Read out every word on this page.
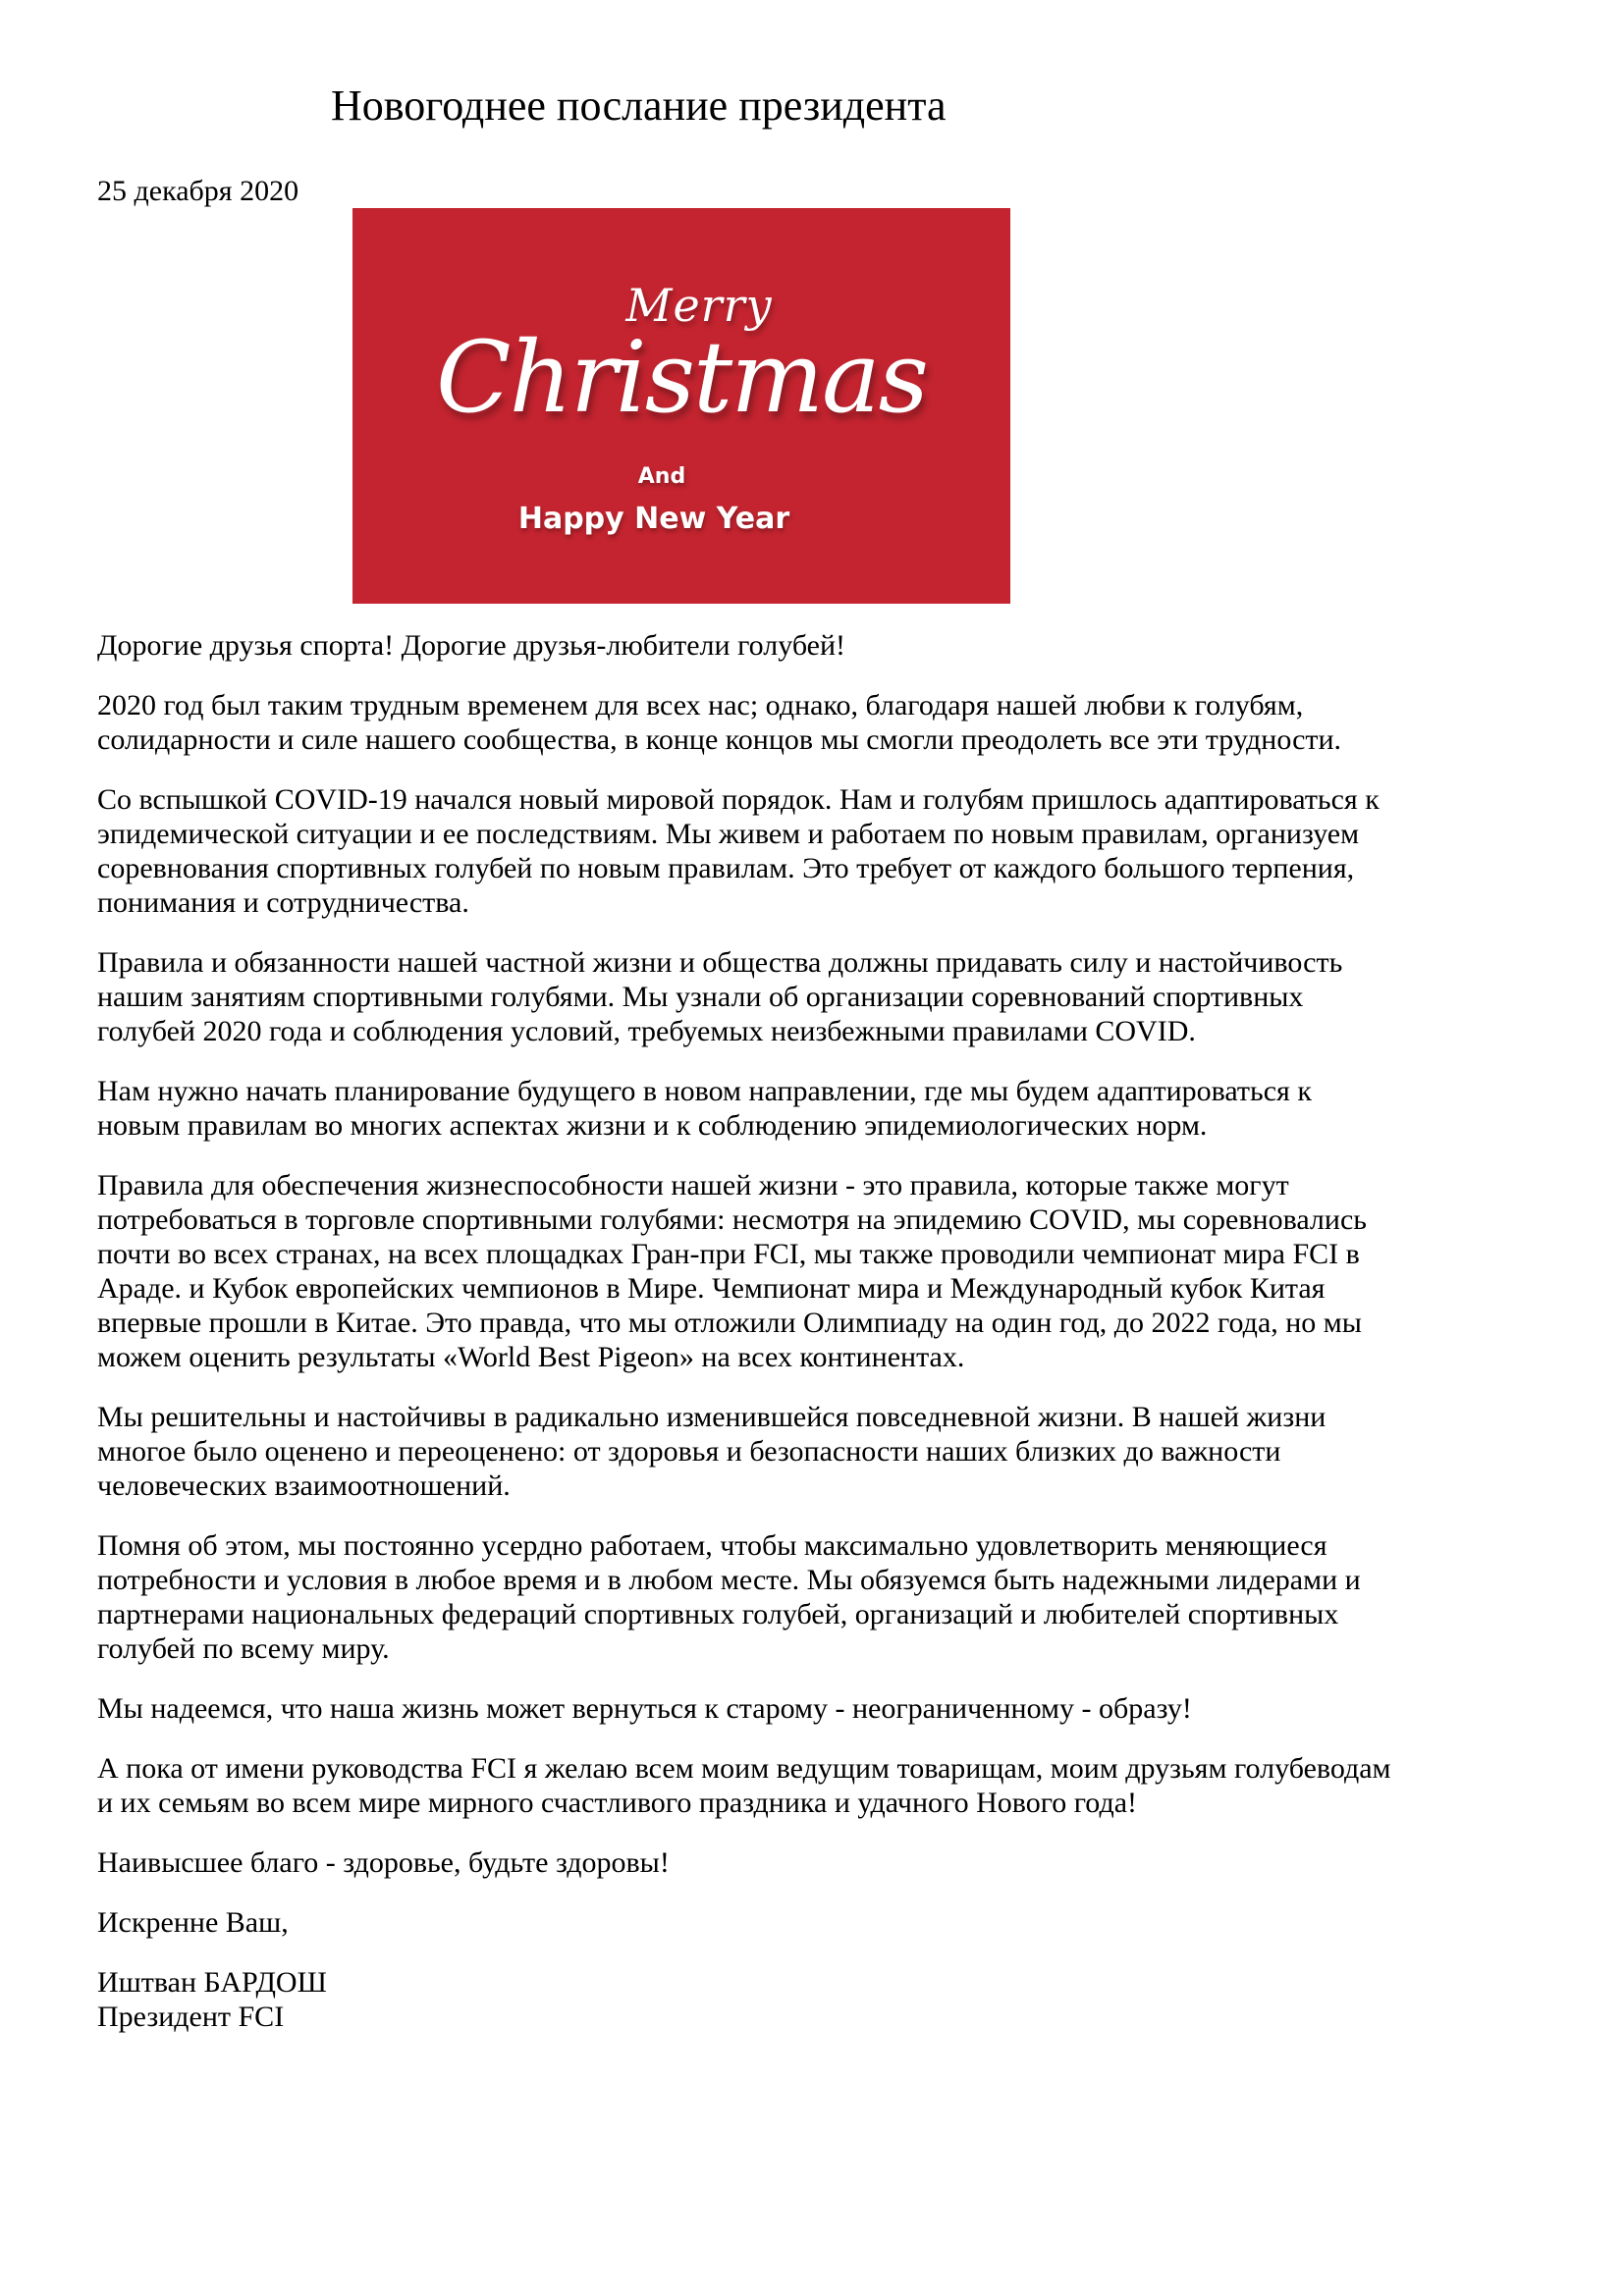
Новогоднее послание президента
25 декабря 2020
Merry
Christmas
And
Happy New Year

Дорогие друзья спорта! Дорогие друзья-любители голубей!

2020 год был таким трудным временем для всех нас; однако, благодаря нашей любви к голубям,
солидарности и силе нашего сообщества, в конце концов мы смогли преодолеть все эти трудности.

Со вспышкой COVID-19 начался новый мировой порядок. Нам и голубям пришлось адаптироваться к
эпидемической ситуации и ее последствиям. Мы живем и работаем по новым правилам, организуем
соревнования спортивных голубей по новым правилам. Это требует от каждого большого терпения,
понимания и сотрудничества.

Правила и обязанности нашей частной жизни и общества должны придавать силу и настойчивость
нашим занятиям спортивными голубями. Мы узнали об организации соревнований спортивных
голубей 2020 года и соблюдения условий, требуемых неизбежными правилами COVID.

Нам нужно начать планирование будущего в новом направлении, где мы будем адаптироваться к
новым правилам во многих аспектах жизни и к соблюдению эпидемиологических норм.

Правила для обеспечения жизнеспособности нашей жизни - это правила, которые также могут
потребоваться в торговле спортивными голубями: несмотря на эпидемию COVID, мы соревновались
почти во всех странах, на всех площадках Гран-при FCI, мы также проводили чемпионат мира FCI в
Араде. и Кубок европейских чемпионов в Мире. Чемпионат мира и Международный кубок Китая
впервые прошли в Китае. Это правда, что мы отложили Олимпиаду на один год, до 2022 года, но мы
можем оценить результаты «World Best Pigeon» на всех континентах.

Мы решительны и настойчивы в радикально изменившейся повседневной жизни. В нашей жизни
многое было оценено и переоценено: от здоровья и безопасности наших близких до важности
человеческих взаимоотношений.

Помня об этом, мы постоянно усердно работаем, чтобы максимально удовлетворить меняющиеся
потребности и условия в любое время и в любом месте. Мы обязуемся быть надежными лидерами и
партнерами национальных федераций спортивных голубей, организаций и любителей спортивных
голубей по всему миру.

Мы надеемся, что наша жизнь может вернуться к старому - неограниченному - образу!

А пока от имени руководства FCI я желаю всем моим ведущим товарищам, моим друзьям голубеводам
и их семьям во всем мире мирного счастливого праздника и удачного Нового года!

Наивысшее благо - здоровье, будьте здоровы!

Искренне Ваш,

Иштван БАРДОШ
Президент FCI
